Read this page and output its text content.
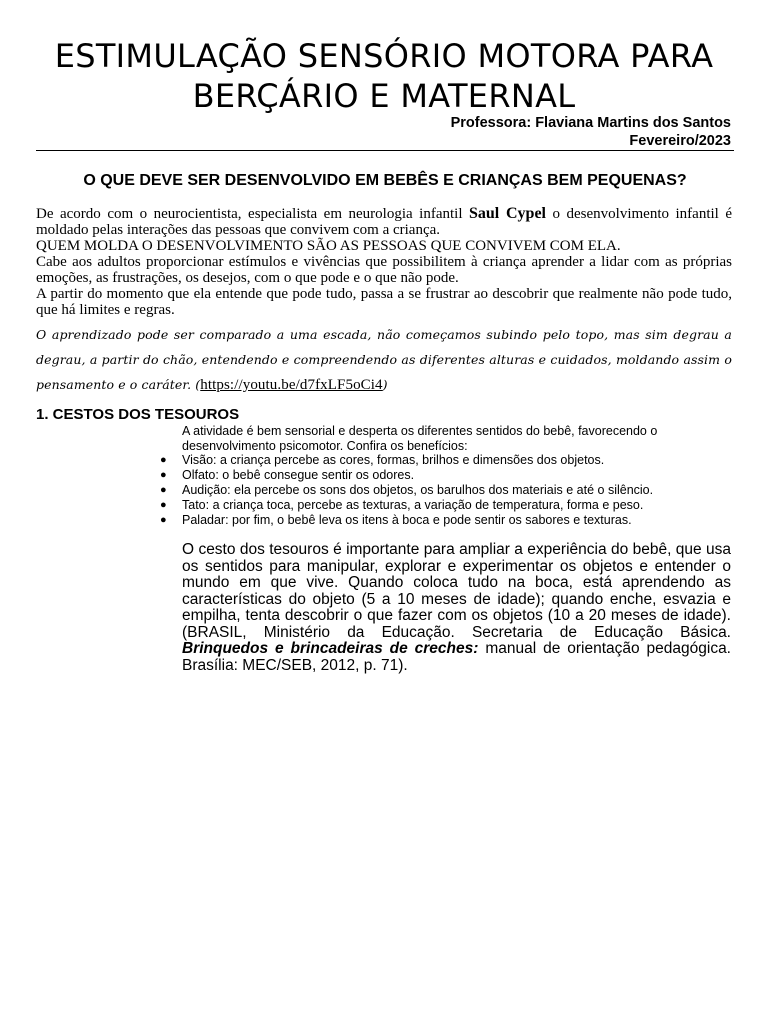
ESTIMULAÇÃO SENSÓRIO MOTORA PARA
BERÇÁRIO E MATERNAL
Professora: Flaviana Martins dos Santos
Fevereiro/2023
O QUE DEVE SER DESENVOLVIDO EM BEBÊS E CRIANÇAS BEM PEQUENAS?

De acordo com o neurocientista, especialista em neurologia infantil Saul Cypel o desenvolvimento infantil é moldado pelas interações das pessoas que convivem com a criança.

QUEM MOLDA O DESENVOLVIMENTO SÃO AS PESSOAS QUE CONVIVEM COM ELA.

Cabe aos adultos proporcionar estímulos e vivências que possibilitem à criança aprender a lidar com as próprias emoções, as frustrações, os desejos, com o que pode e o que não pode.

A partir do momento que ela entende que pode tudo, passa a se frustrar ao descobrir que realmente não pode tudo, que há limites e regras.

O aprendizado pode ser comparado a uma escada, não começamos subindo pelo topo, mas sim degrau a degrau, a partir do chão, entendendo e compreendendo as diferentes alturas e cuidados, moldando assim o pensamento e o caráter. (https://youtu.be/d7fxLF5oCi4)

1. CESTOS DOS TESOUROS

A atividade é bem sensorial e desperta os diferentes sentidos do bebê, favorecendo o desenvolvimento psicomotor. Confira os benefícios:

● Visão: a criança percebe as cores, formas, brilhos e dimensões dos objetos.
● Olfato: o bebê consegue sentir os odores.
● Audição: ela percebe os sons dos objetos, os barulhos dos materiais e até o silêncio.
● Tato: a criança toca, percebe as texturas, a variação de temperatura, forma e peso.
● Paladar: por fim, o bebê leva os itens à boca e pode sentir os sabores e texturas.

O cesto dos tesouros é importante para ampliar a experiência do bebê, que usa os sentidos para manipular, explorar e experimentar os objetos e entender o mundo em que vive. Quando coloca tudo na boca, está aprendendo as características do objeto (5 a 10 meses de idade); quando enche, esvazia e empilha, tenta descobrir o que fazer com os objetos (10 a 20 meses de idade). (BRASIL, Ministério da Educação. Secretaria de Educação Básica. Brinquedos e brincadeiras de creches: manual de orientação pedagógica. Brasília: MEC/SEB, 2012, p. 71).
